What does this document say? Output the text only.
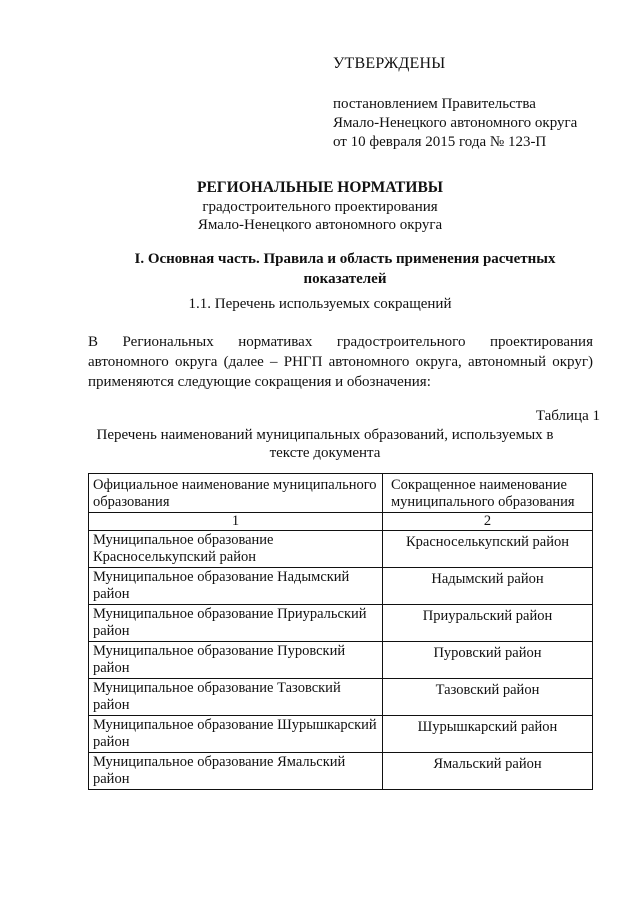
УТВЕРЖДЕНЫ

постановлением Правительства

Ямало-Ненецкого автономного округа

от 10 февраля 2015 года № 123-П

РЕГИОНАЛЬНЫЕ НОРМАТИВЫ

градостроительного проектирования

Ямало-Ненецкого автономного округа

I. Основная часть. Правила и область применения расчетных показателей

1.1. Перечень используемых сокращений

В Региональных нормативах градостроительного проектирования автономного округа (далее – РНГП автономного округа, автономный округ) применяются следующие сокращения и обозначения:

Таблица 1

Перечень наименований муниципальных образований, используемых в тексте документа

Официальное наименование муниципального образования	Сокращенное наименование муниципального образования
1	2
Муниципальное образование Красноселькупский район	Красноселькупский район
Муниципальное образование Надымский район	Надымский район
Муниципальное образование Приуральский район	Приуральский район
Муниципальное образование Пуровский район	Пуровский район
Муниципальное образование Тазовский район	Тазовский район
Муниципальное образование Шурышкарский район	Шурышкарский район
Муниципальное образование Ямальский район	Ямальский район
